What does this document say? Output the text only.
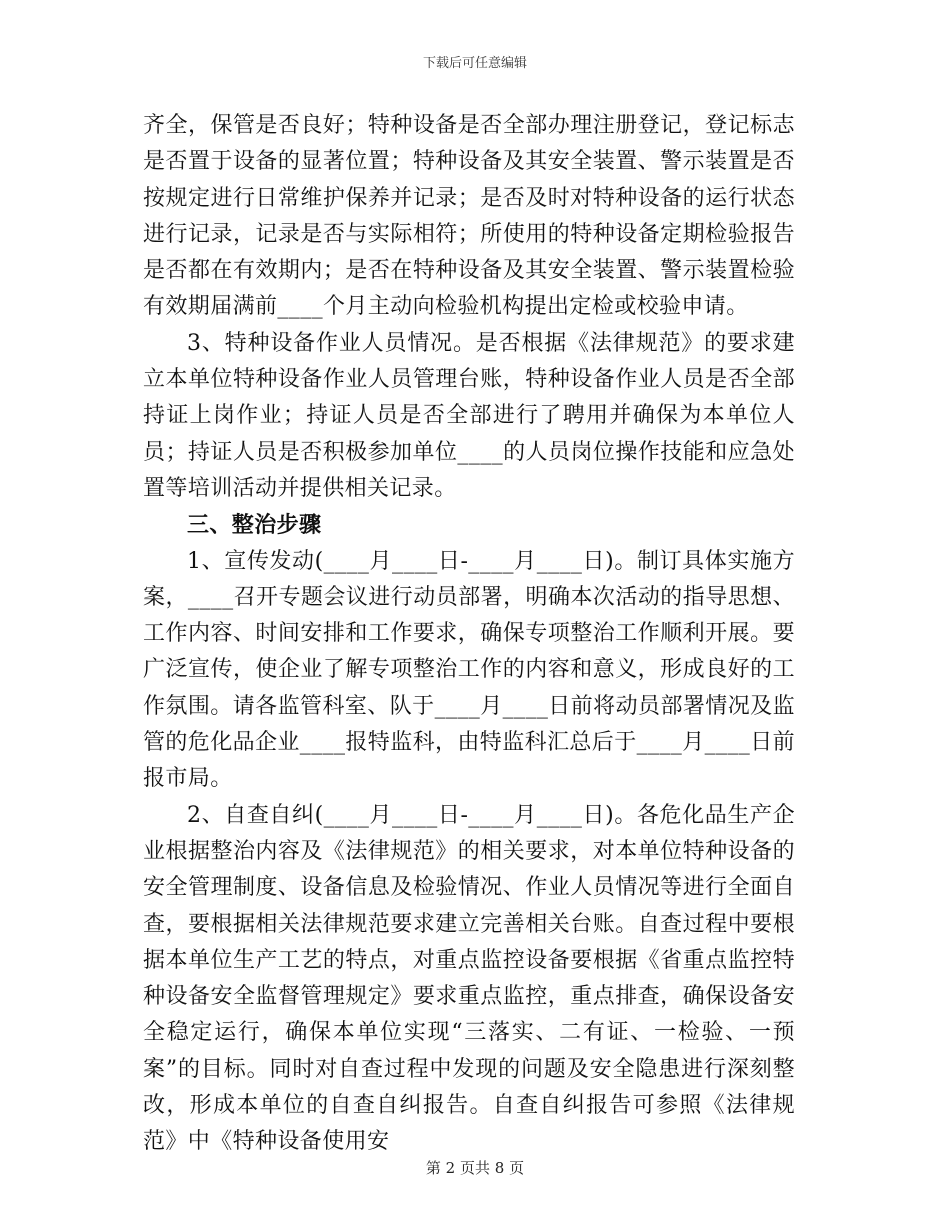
下载后可任意编辑

齐全，保管是否良好；特种设备是否全部办理注册登记，登记标志是否置于设备的显著位置；特种设备及其安全装置、警示装置是否按规定进行日常维护保养并记录；是否及时对特种设备的运行状态进行记录，记录是否与实际相符；所使用的特种设备定期检验报告是否都在有效期内；是否在特种设备及其安全装置、警示装置检验有效期届满前____个月主动向检验机构提出定检或校验申请。

3、特种设备作业人员情况。是否根据《法律规范》的要求建立本单位特种设备作业人员管理台账，特种设备作业人员是否全部持证上岗作业；持证人员是否全部进行了聘用并确保为本单位人员；持证人员是否积极参加单位____的人员岗位操作技能和应急处置等培训活动并提供相关记录。

三、整治步骤

1、宣传发动(____月____日-____月____日)。制订具体实施方案，____召开专题会议进行动员部署，明确本次活动的指导思想、工作内容、时间安排和工作要求，确保专项整治工作顺利开展。要广泛宣传，使企业了解专项整治工作的内容和意义，形成良好的工作氛围。请各监管科室、队于____月____日前将动员部署情况及监管的危化品企业____报特监科，由特监科汇总后于____月____日前报市局。

2、自查自纠(____月____日-____月____日)。各危化品生产企业根据整治内容及《法律规范》的相关要求，对本单位特种设备的安全管理制度、设备信息及检验情况、作业人员情况等进行全面自查，要根据相关法律规范要求建立完善相关台账。自查过程中要根据本单位生产工艺的特点，对重点监控设备要根据《省重点监控特种设备安全监督管理规定》要求重点监控，重点排查，确保设备安全稳定运行，确保本单位实现“三落实、二有证、一检验、一预案”的目标。同时对自查过程中发现的问题及安全隐患进行深刻整改，形成本单位的自查自纠报告。自查自纠报告可参照《法律规范》中《特种设备使用安

第 2 页共 8 页
